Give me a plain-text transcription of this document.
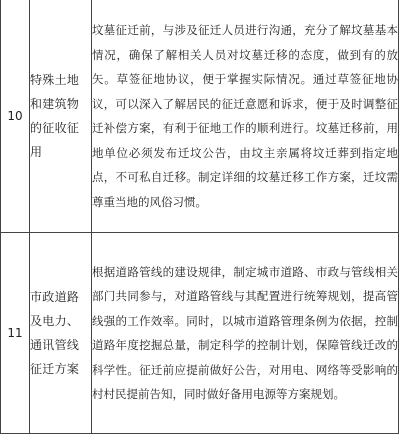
10	特殊土地和建筑物的征收征用	坟墓征迁前，与涉及征迁人员进行沟通，充分了解坟墓基本情况，确保了解相关人员对坟墓迁移的态度，做到有的放矢。草签征地协议，便于掌握实际情况。通过草签征地协议，可以深入了解居民的征迁意愿和诉求，便于及时调整征迁补偿方案，有利于征地工作的顺利进行。坟墓迁移前，用地单位必须发布迁坟公告，由坟主亲属将坟迁葬到指定地点，不可私自迁移。制定详细的坟墓迁移工作方案，迁坟需尊重当地的风俗习惯。

11	市政道路及电力、通讯管线征迁方案	根据道路管线的建设规律，制定城市道路、市政与管线相关部门共同参与，对道路管线与其配置进行统筹规划，提高管线强的工作效率。同时，以城市道路管理条例为依据，控制道路年度挖掘总量，制定科学的控制计划，保障管线迁改的科学性。征迁前应提前做好公告，对用电、网络等受影响的村村民提前告知，同时做好备用电源等方案规划。
